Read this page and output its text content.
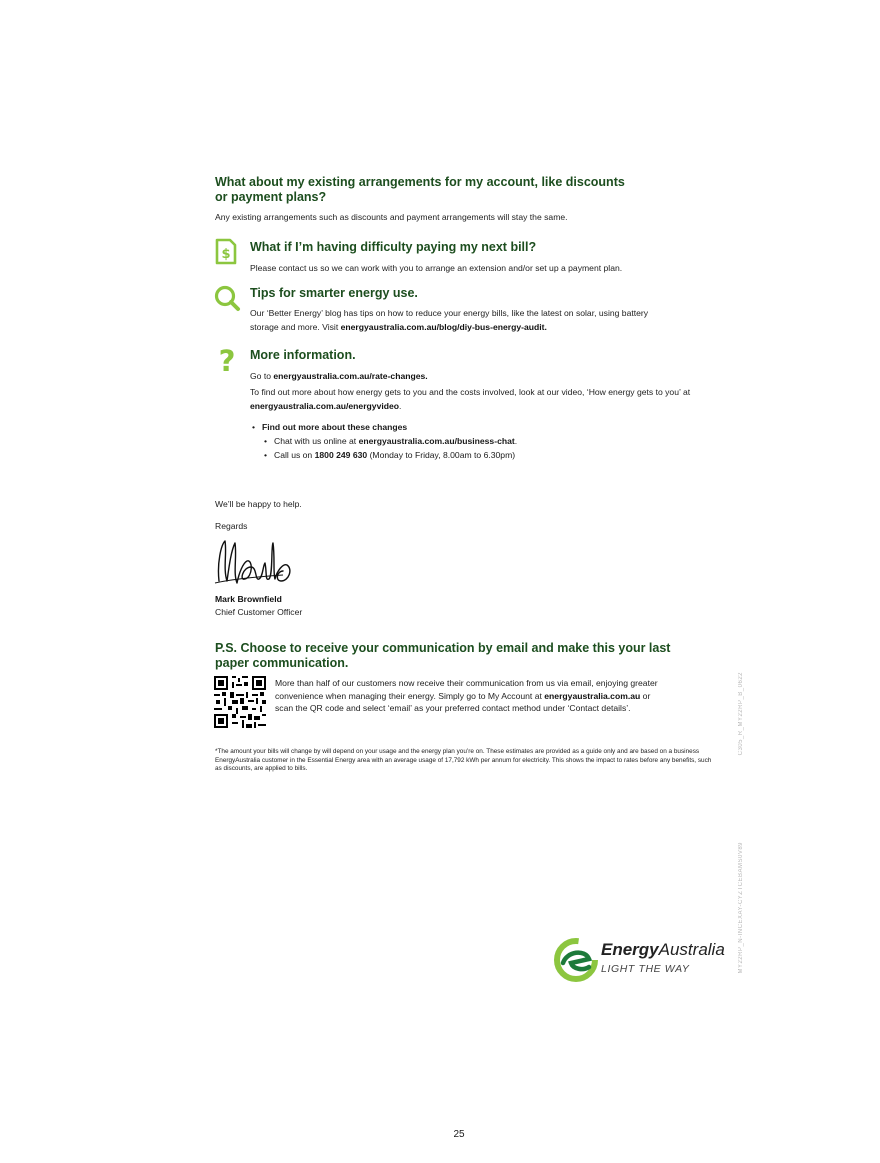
What about my existing arrangements for my account, like discounts or payment plans?

Any existing arrangements such as discounts and payment arrangements will stay the same.

$ What if I’m having difficulty paying my next bill?

Please contact us so we can work with you to arrange an extension and/or set up a payment plan.

Tips for smarter energy use.

Our ‘Better Energy’ blog has tips on how to reduce your energy bills, like the latest on solar, using battery storage and more. Visit energyaustralia.com.au/blog/diy-bus-energy-audit.

? More information.

Go to energyaustralia.com.au/rate-changes.

To find out more about how energy gets to you and the costs involved, look at our video, ‘How energy gets to you’ at energyaustralia.com.au/energyvideo.

• Find out more about these changes
• Chat with us online at energyaustralia.com.au/business-chat.
• Call us on 1800 249 630 (Monday to Friday, 8.00am to 6.30pm)

We’ll be happy to help.

Regards

Mark Brownfield

Chief Customer Officer

P.S. Choose to receive your communication by email and make this your last paper communication.

More than half of our customers now receive their communication from us via email, enjoying greater convenience when managing their energy. Simply go to My Account at energyaustralia.com.au or scan the QR code and select ‘email’ as your preferred contact method under ‘Contact details’.

*The amount your bills will change by will depend on your usage and the energy plan you’re on. These estimates are provided as a guide only and are based on a business EnergyAustralia customer in the Essential Energy area with an average usage of 17,792 kWh per annum for electricity. This shows the impact to rates before any benefits, such as discounts, are applied to bills.

C305_R_MY22RP_B_0622
MY22RP_N-INCEXAY-CYZTCEBAMS0V89
EnergyAustralia
LIGHT THE WAY
25
